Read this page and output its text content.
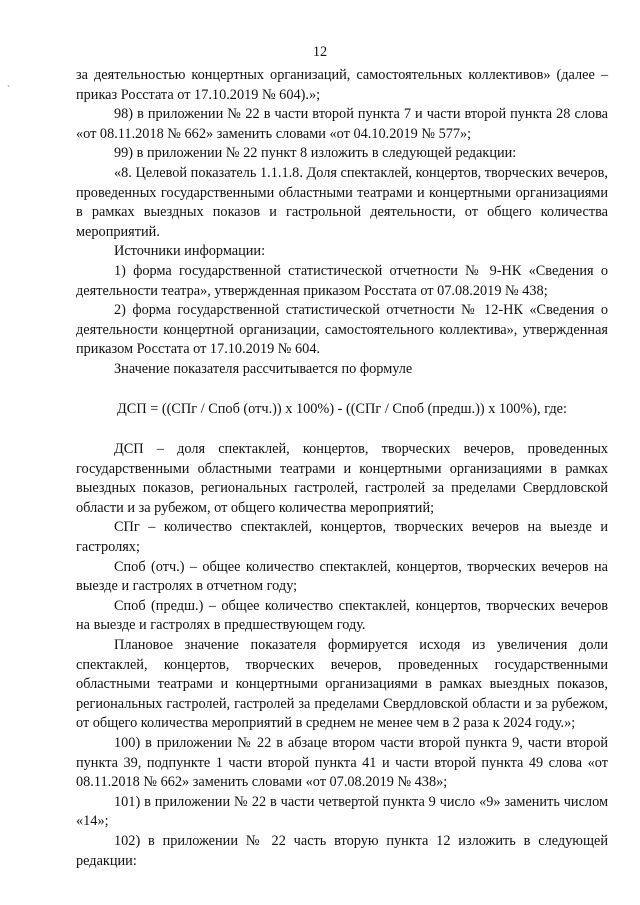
12
`

за деятельностью концертных организаций, самостоятельных коллективов» (далее – приказ Росстата от 17.10.2019 № 604).»;

98) в приложении № 22 в части второй пункта 7 и части второй пункта 28 слова «от 08.11.2018 № 662» заменить словами «от 04.10.2019 № 577»;

99) в приложении № 22 пункт 8 изложить в следующей редакции:

«8. Целевой показатель 1.1.1.8. Доля спектаклей, концертов, творческих вечеров, проведенных государственными областными театрами и концертными организациями в рамках выездных показов и гастрольной деятельности, от общего количества мероприятий.

Источники информации:

1) форма государственной статистической отчетности № 9-НК «Сведения о деятельности театра», утвержденная приказом Росстата от 07.08.2019 № 438;

2) форма государственной статистической отчетности № 12-НК «Сведения о деятельности концертной организации, самостоятельного коллектива», утвержденная приказом Росстата от 17.10.2019 № 604.

Значение показателя рассчитывается по формуле

ДСП = ((СПг / Споб (отч.)) x 100%) - ((СПг / Споб (предш.)) x 100%), где:

ДСП – доля спектаклей, концертов, творческих вечеров, проведенных государственными областными театрами и концертными организациями в рамках выездных показов, региональных гастролей, гастролей за пределами Свердловской области и за рубежом, от общего количества мероприятий;

СПг – количество спектаклей, концертов, творческих вечеров на выезде и гастролях;

Споб (отч.) – общее количество спектаклей, концертов, творческих вечеров на выезде и гастролях в отчетном году;

Споб (предш.) – общее количество спектаклей, концертов, творческих вечеров на выезде и гастролях в предшествующем году.

Плановое значение показателя формируется исходя из увеличения доли спектаклей, концертов, творческих вечеров, проведенных государственными областными театрами и концертными организациями в рамках выездных показов, региональных гастролей, гастролей за пределами Свердловской области и за рубежом, от общего количества мероприятий в среднем не менее чем в 2 раза к 2024 году.»;

100) в приложении № 22 в абзаце втором части второй пункта 9, части второй пункта 39, подпункте 1 части второй пункта 41 и части второй пункта 49 слова «от 08.11.2018 № 662» заменить словами «от 07.08.2019 № 438»;

101) в приложении № 22 в части четвертой пункта 9 число «9» заменить числом «14»;

102) в приложении № 22 часть вторую пункта 12 изложить в следующей редакции:
